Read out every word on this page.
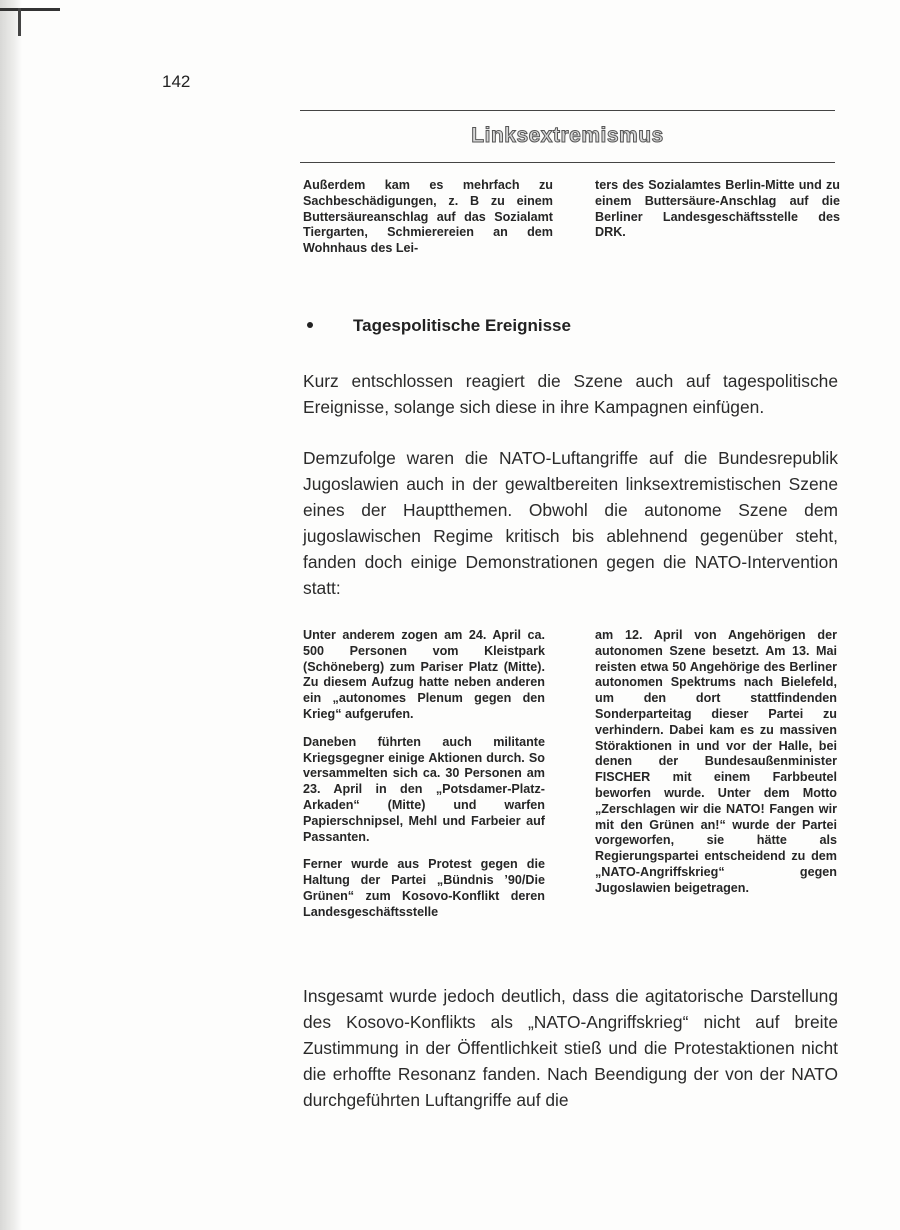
142
Linksextremismus
Außerdem kam es mehrfach zu Sachbeschädigungen, z. B zu einem Buttersäureanschlag auf das Sozialamt Tiergarten, Schmierereien an dem Wohnhaus des Lei-
ters des Sozialamtes Berlin-Mitte und zu einem Buttersäure-Anschlag auf die Berliner Landesgeschäftsstelle des DRK.
Tagespolitische Ereignisse
Kurz entschlossen reagiert die Szene auch auf tagespolitische Ereignisse, solange sich diese in ihre Kampagnen einfügen.
Demzufolge waren die NATO-Luftangriffe auf die Bundesrepublik Jugoslawien auch in der gewaltbereiten linksextremistischen Szene eines der Hauptthemen. Obwohl die autonome Szene dem jugoslawischen Regime kritisch bis ablehnend gegenüber steht, fanden doch einige Demonstrationen gegen die NATO-Intervention statt:

Unter anderem zogen am 24. April ca. 500 Personen vom Kleistpark (Schöneberg) zum Pariser Platz (Mitte). Zu diesem Aufzug hatte neben anderen ein „autonomes Plenum gegen den Krieg“ aufgerufen.

Daneben führten auch militante Kriegsgegner einige Aktionen durch. So versammelten sich ca. 30 Personen am 23. April in den „Potsdamer-Platz-Arkaden“ (Mitte) und warfen Papierschnipsel, Mehl und Farbeier auf Passanten.

Ferner wurde aus Protest gegen die Haltung der Partei „Bündnis ’90/Die Grünen“ zum Kosovo-Konflikt deren Landesgeschäftsstelle

am 12. April von Angehörigen der autonomen Szene besetzt. Am 13. Mai reisten etwa 50 Angehörige des Berliner autonomen Spektrums nach Bielefeld, um den dort stattfindenden Sonderparteitag dieser Partei zu verhindern. Dabei kam es zu massiven Störaktionen in und vor der Halle, bei denen der Bundesaußenminister FISCHER mit einem Farbbeutel beworfen wurde. Unter dem Motto „Zerschlagen wir die NATO! Fangen wir mit den Grünen an!“ wurde der Partei vorgeworfen, sie hätte als Regierungspartei entscheidend zu dem „NATO-Angriffskrieg“ gegen Jugoslawien beigetragen.

Insgesamt wurde jedoch deutlich, dass die agitatorische Darstellung des Kosovo-Konflikts als „NATO-Angriffskrieg“ nicht auf breite Zustimmung in der Öffentlichkeit stieß und die Protestaktionen nicht die erhoffte Resonanz fanden. Nach Beendigung der von der NATO durchgeführten Luftangriffe auf die
